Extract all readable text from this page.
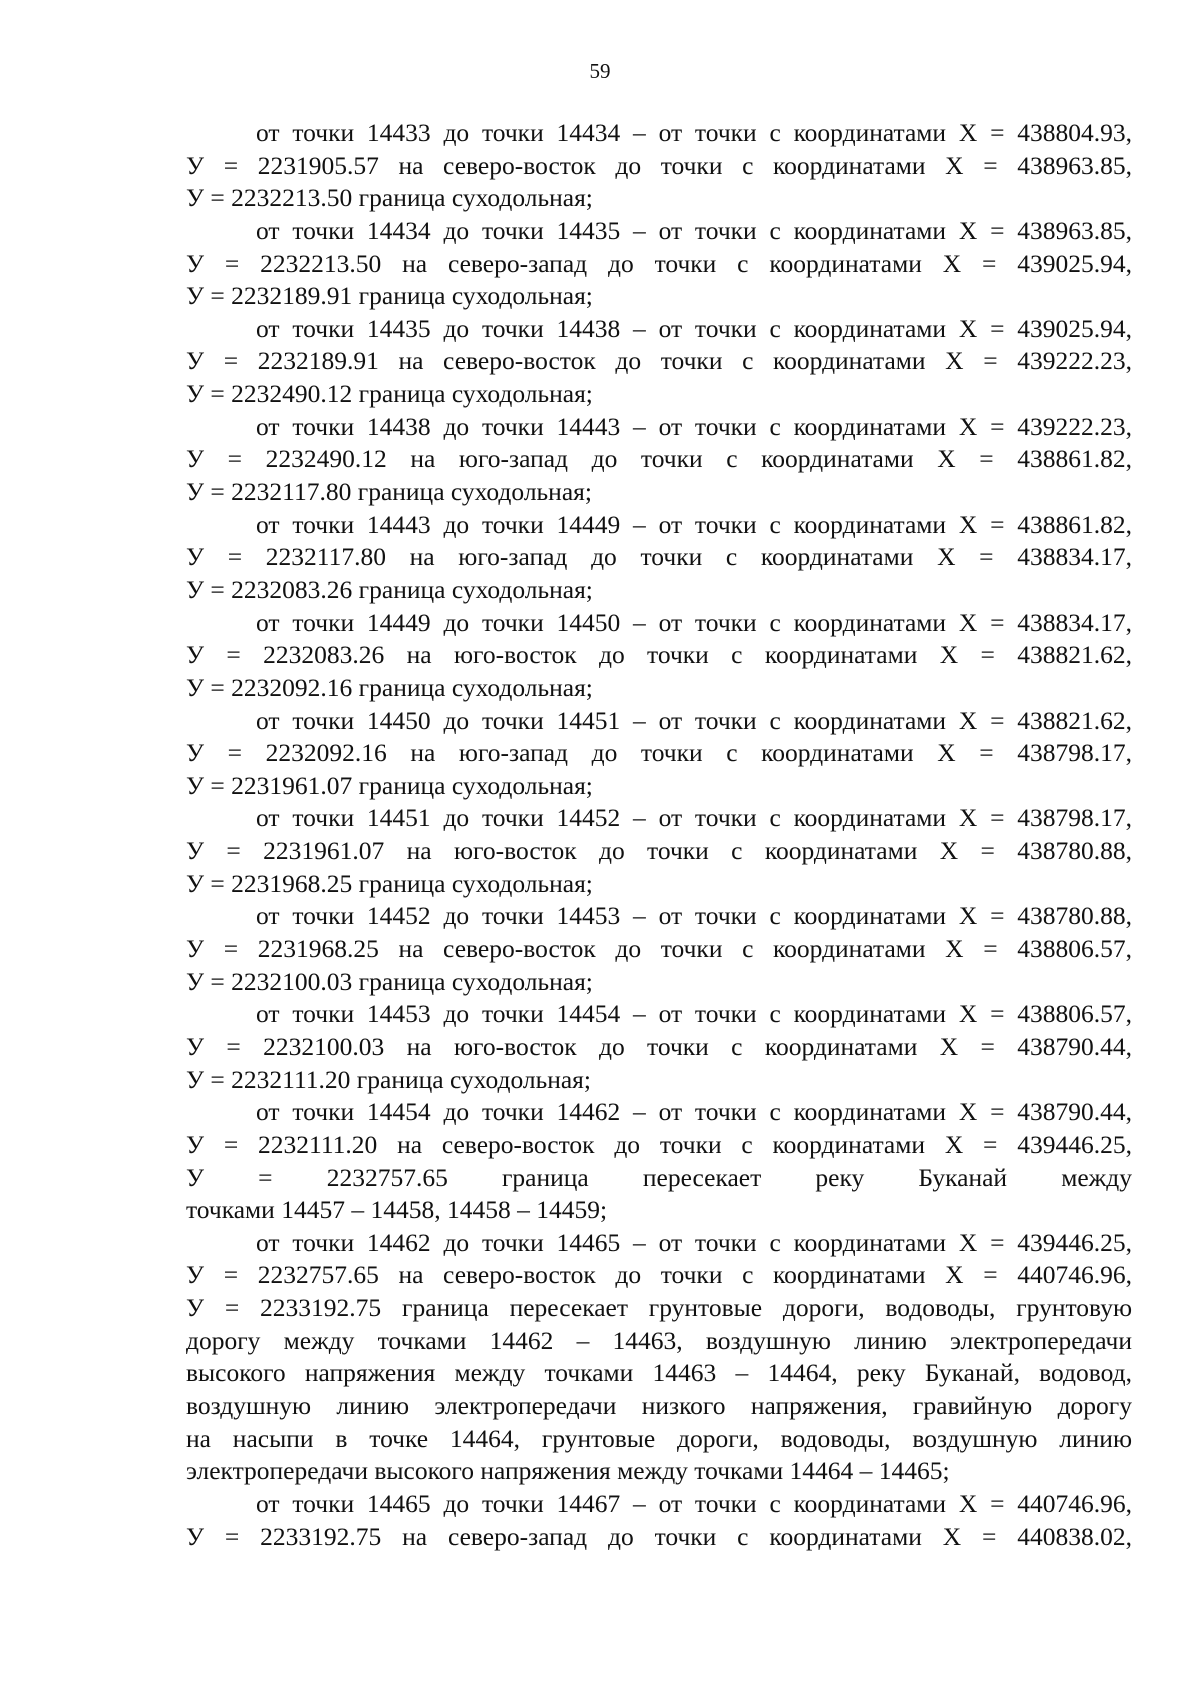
59

от точки 14433 до точки 14434 – от точки с координатами Х = 438804.93,
У = 2231905.57 на северо-восток до точки с координатами Х = 438963.85,
У = 2232213.50 граница суходольная;

от точки 14434 до точки 14435 – от точки с координатами Х = 438963.85,
У = 2232213.50 на северо-запад до точки с координатами Х = 439025.94,
У = 2232189.91 граница суходольная;

от точки 14435 до точки 14438 – от точки с координатами Х = 439025.94,
У = 2232189.91 на северо-восток до точки с координатами Х = 439222.23,
У = 2232490.12 граница суходольная;

от точки 14438 до точки 14443 – от точки с координатами Х = 439222.23,
У = 2232490.12 на юго-запад до точки с координатами Х = 438861.82,
У = 2232117.80 граница суходольная;

от точки 14443 до точки 14449 – от точки с координатами Х = 438861.82,
У = 2232117.80 на юго-запад до точки с координатами Х = 438834.17,
У = 2232083.26 граница суходольная;

от точки 14449 до точки 14450 – от точки с координатами Х = 438834.17,
У = 2232083.26 на юго-восток до точки с координатами Х = 438821.62,
У = 2232092.16 граница суходольная;

от точки 14450 до точки 14451 – от точки с координатами Х = 438821.62,
У = 2232092.16 на юго-запад до точки с координатами Х = 438798.17,
У = 2231961.07 граница суходольная;

от точки 14451 до точки 14452 – от точки с координатами Х = 438798.17,
У = 2231961.07 на юго-восток до точки с координатами Х = 438780.88,
У = 2231968.25 граница суходольная;

от точки 14452 до точки 14453 – от точки с координатами Х = 438780.88,
У = 2231968.25 на северо-восток до точки с координатами Х = 438806.57,
У = 2232100.03 граница суходольная;

от точки 14453 до точки 14454 – от точки с координатами Х = 438806.57,
У = 2232100.03 на юго-восток до точки с координатами Х = 438790.44,
У = 2232111.20 граница суходольная;

от точки 14454 до точки 14462 – от точки с координатами Х = 438790.44,
У = 2232111.20 на северо-восток до точки с координатами Х = 439446.25,
У = 2232757.65 граница пересекает реку Буканай между
точками 14457 – 14458, 14458 – 14459;

от точки 14462 до точки 14465 – от точки с координатами Х = 439446.25,
У = 2232757.65 на северо-восток до точки с координатами Х = 440746.96,
У = 2233192.75 граница пересекает грунтовые дороги, водоводы, грунтовую
дорогу между точками 14462 – 14463, воздушную линию электропередачи
высокого напряжения между точками 14463 – 14464, реку Буканай, водовод,
воздушную линию электропередачи низкого напряжения, гравийную дорогу
на насыпи в точке 14464, грунтовые дороги, водоводы, воздушную линию
электропередачи высокого напряжения между точками 14464 – 14465;

от точки 14465 до точки 14467 – от точки с координатами Х = 440746.96,
У = 2233192.75 на северо-запад до точки с координатами Х = 440838.02,
